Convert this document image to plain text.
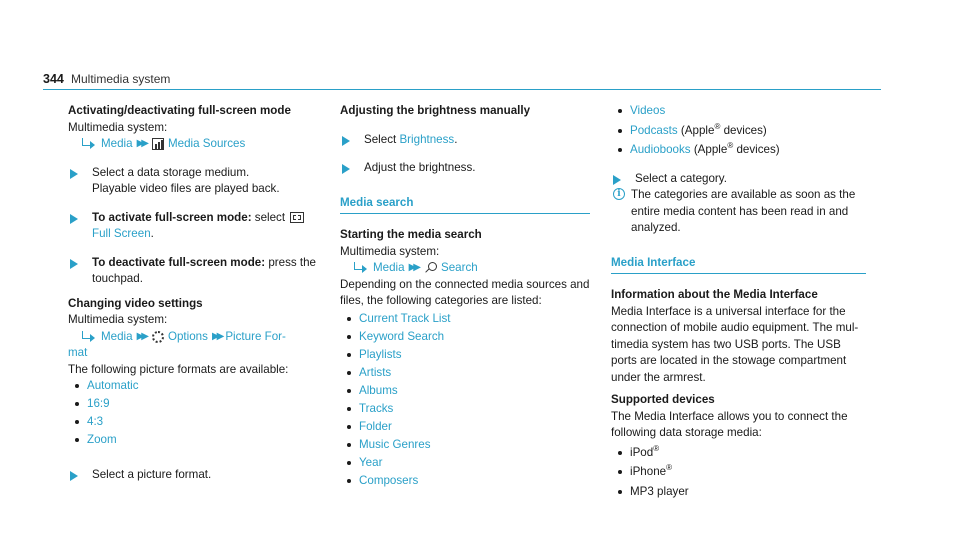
344 Multimedia system
Activating/deactivating full-screen mode
Multimedia system:
Media ▶▶ Media Sources
Select a data storage medium.
Playable video files are played back.
To activate full-screen mode: select
Full Screen.
To deactivate full-screen mode: press the
touchpad.
Changing video settings
Multimedia system:
Media ▶▶ Options ▶▶ Picture For-
mat
The following picture formats are available:
Automatic
16:9
4:3
Zoom
Select a picture format.
Adjusting the brightness manually
Select Brightness.
Adjust the brightness.
Media search
Starting the media search
Multimedia system:
Media ▶▶ Search
Depending on the connected media sources and
files, the following categories are listed:
Current Track List
Keyword Search
Playlists
Artists
Albums
Tracks
Folder
Music Genres
Year
Composers
Videos
Podcasts (Apple® devices)
Audiobooks (Apple® devices)
Select a category.
i The categories are available as soon as the
entire media content has been read in and
analyzed.
Media Interface
Information about the Media Interface
Media Interface is a universal interface for the
connection of mobile audio equipment. The mul-
timedia system has two USB ports. The USB
ports are located in the stowage compartment
under the armrest.
Supported devices
The Media Interface allows you to connect the
following data storage media:
iPod®
iPhone®
MP3 player
